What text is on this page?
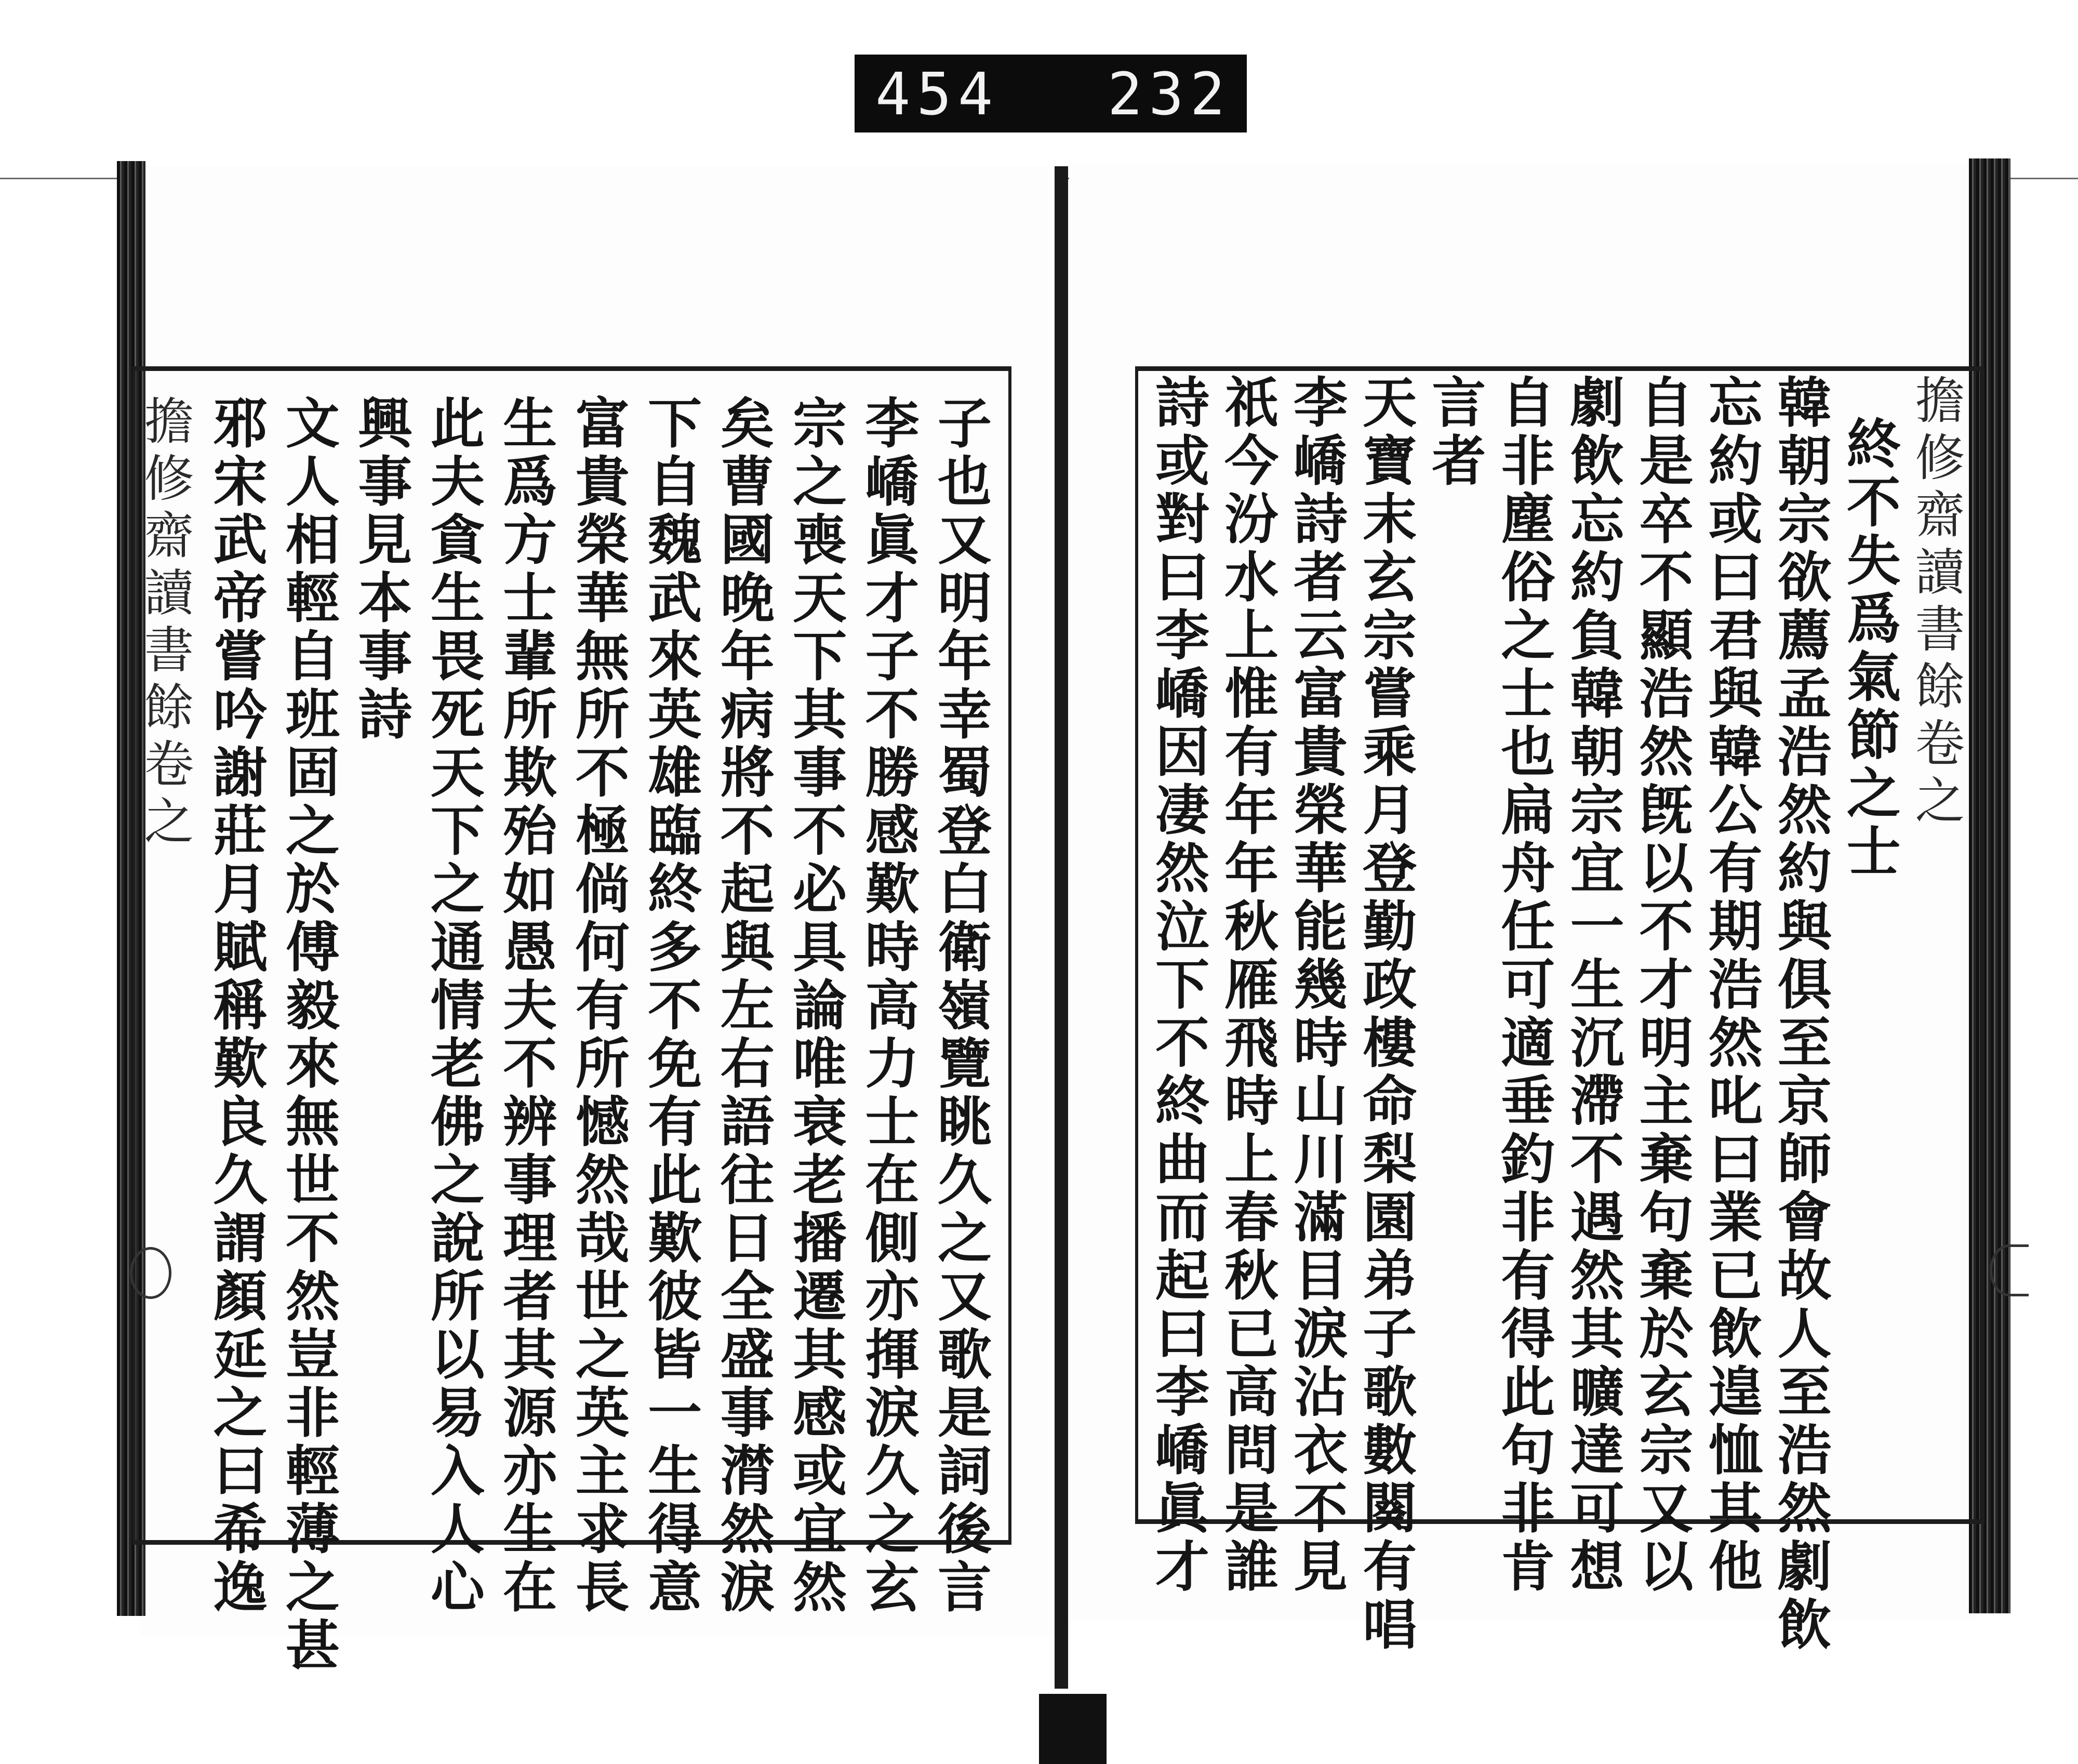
454 232
擔修齋讀書餘卷之
終不失爲氣節之士
韓朝宗欲薦孟浩然約與俱至京師會故人至浩然劇飲
忘約或曰君與韓公有期浩然叱曰業已飲遑恤其他
自是卒不顯浩然旣以不才明主棄句棄於玄宗又以
劇飲忘約負韓朝宗宜一生沉滯不遇然其曠達可想
自非塵俗之士也扁舟任可適垂釣非有得此句非肯
言者
天寶末玄宗嘗乘月登勤政樓命梨園弟子歌數闋有唱
李嶠詩者云富貴榮華能幾時山川滿目淚沾衣不見
祇今汾水上惟有年年秋雁飛時上春秋已高問是誰
詩或對曰李嶠因凄然泣下不終曲而起曰李嶠眞才
子也又明年幸蜀登白衛嶺覽眺久之又歌是詞後言
李嶠眞才子不勝感歎時高力士在側亦揮淚久之玄
宗之喪天下其事不必具論唯衰老播遷其感或宜然
矣曹國晚年病將不起與左右語往日全盛事潸然淚
下自魏武來英雄臨終多不免有此歎彼皆一生得意
富貴榮華無所不極倘何有所憾然哉世之英主求長
生爲方士輩所欺殆如愚夫不辨事理者其源亦生在
此夫貪生畏死天下之通情老佛之說所以易入人心
興事見本事詩
文人相輕自班固之於傅毅來無世不然豈非輕薄之甚
邪宋武帝嘗吟謝莊月賦稱歎良久謂顏延之曰希逸
擔修齋讀書餘卷之
